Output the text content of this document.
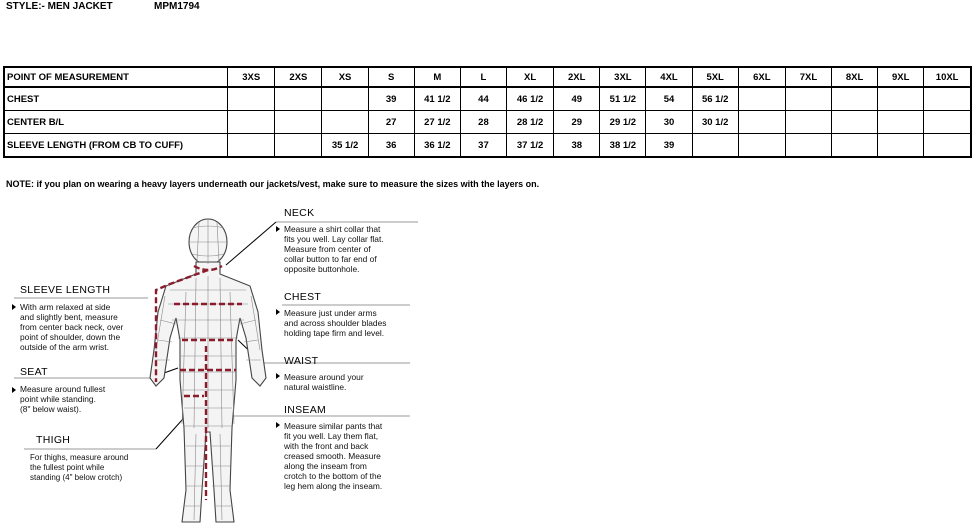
STYLE:- MEN JACKET	MPM1794
POINT OF MEASUREMENT	3XS	2XS	XS	S	M	L	XL	2XL	3XL	4XL	5XL	6XL	7XL	8XL	9XL	10XL
CHEST				39	41 1/2	44	46 1/2	49	51 1/2	54	56 1/2					
CENTER B/L				27	27 1/2	28	28 1/2	29	29 1/2	30	30 1/2					
SLEEVE LENGTH (FROM CB TO CUFF)			35 1/2	36	36 1/2	37	37 1/2	38	38 1/2	39						
NOTE: if you plan on wearing a heavy layers underneath our jackets/vest, make sure to measure the sizes with the layers on.
NECK
Measure a shirt collar that
fits you well. Lay collar flat.
Measure from center of
collar button to far end of
opposite buttonhole.
CHEST
Measure just under arms
and across shoulder blades
holding tape firm and level.
WAIST
Measure around your
natural waistline.
INSEAM
Measure similar pants that
fit you well. Lay them flat,
with the front and back
creased smooth. Measure
along the inseam from
crotch to the bottom of the
leg hem along the inseam.
SLEEVE LENGTH
With arm relaxed at side
and slightly bent, measure
from center back neck, over
point of shoulder, down the
outside of the arm wrist.
SEAT
Measure around fullest
point while standing.
(8" below waist).
THIGH
For thighs, measure around
the fullest point while
standing (4" below crotch)
